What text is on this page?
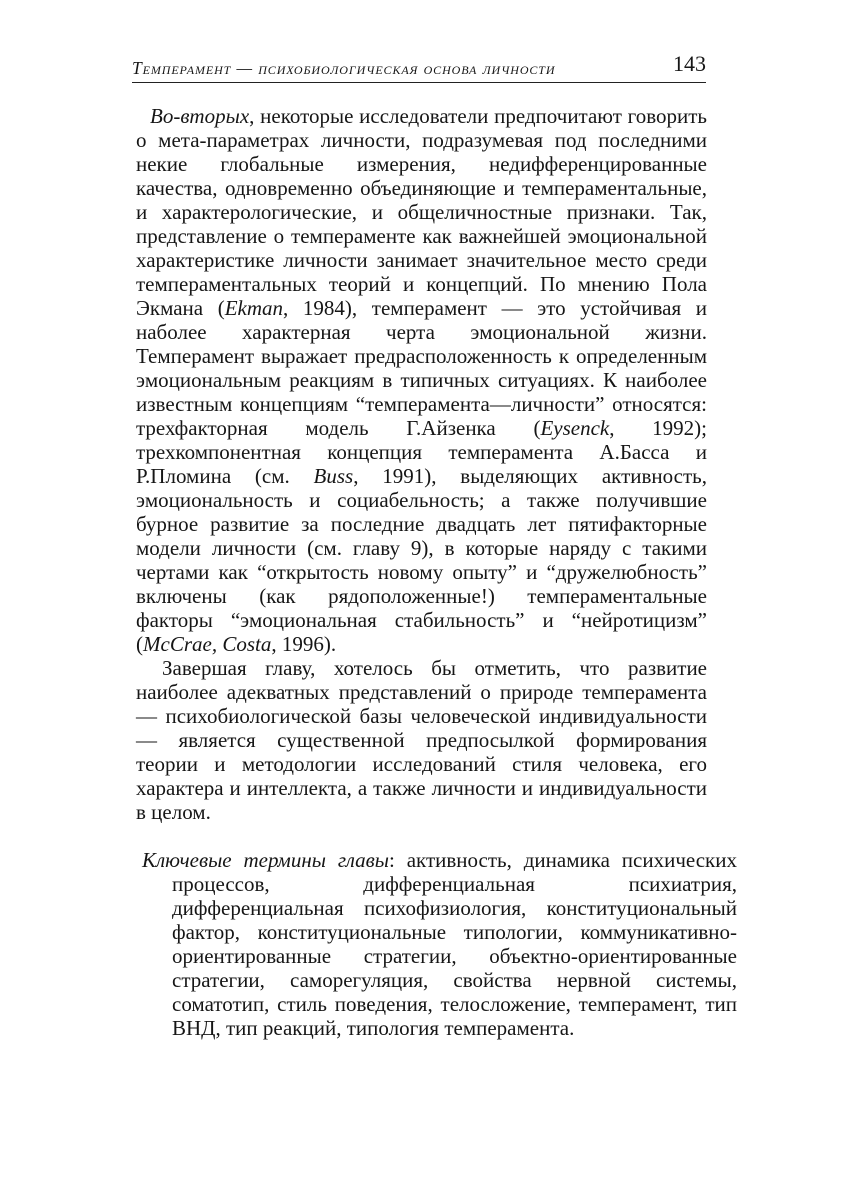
Темперамент — психобиологическая основа личности	143
Во-вторых, некоторые исследователи предпочитают говорить о мета-параметрах личности, подразумевая под последними некие глобальные измерения, недифференцированные качества, одновременно объединяющие и темпераментальные, и характерологические, и общеличностные признаки. Так, представление о темпераменте как важнейшей эмоциональной характеристике личности занимает значительное место среди темпераментальных теорий и концепций. По мнению Пола Экмана (Ekman, 1984), темперамент — это устойчивая и наболее характерная черта эмоциональной жизни. Темперамент выражает предрасположенность к определенным эмоциональным реакциям в типичных ситуациях. К наиболее известным концепциям “темперамента—личности” относятся: трехфакторная модель Г.Айзенка (Eysenck, 1992); трехкомпонентная концепция темперамента А.Басса и Р.Пломина (см. Buss, 1991), выделяющих активность, эмоциональность и социабельность; а также получившие бурное развитие за последние двадцать лет пятифакторные модели личности (см. главу 9), в которые наряду с такими чертами как “открытость новому опыту” и “дружелюбность” включены (как рядоположенные!) темпераментальные факторы “эмоциональная стабильность” и “нейротицизм” (McCrae, Costa, 1996).
Завершая главу, хотелось бы отметить, что развитие наиболее адекватных представлений о природе темперамента — психобиологической базы человеческой индивидуальности — является существенной предпосылкой формирования теории и методологии исследований стиля человека, его характера и интеллекта, а также личности и индивидуальности в целом.
Ключевые термины главы: активность, динамика психических процессов, дифференциальная психиатрия, дифференциальная психофизиология, конституциональный фактор, конституциональные типологии, коммуникативно-ориентированные стратегии, объектно-ориентированные стратегии, саморегуляция, свойства нервной системы, соматотип, стиль поведения, телосложение, темперамент, тип ВНД, тип реакций, типология темперамента.
